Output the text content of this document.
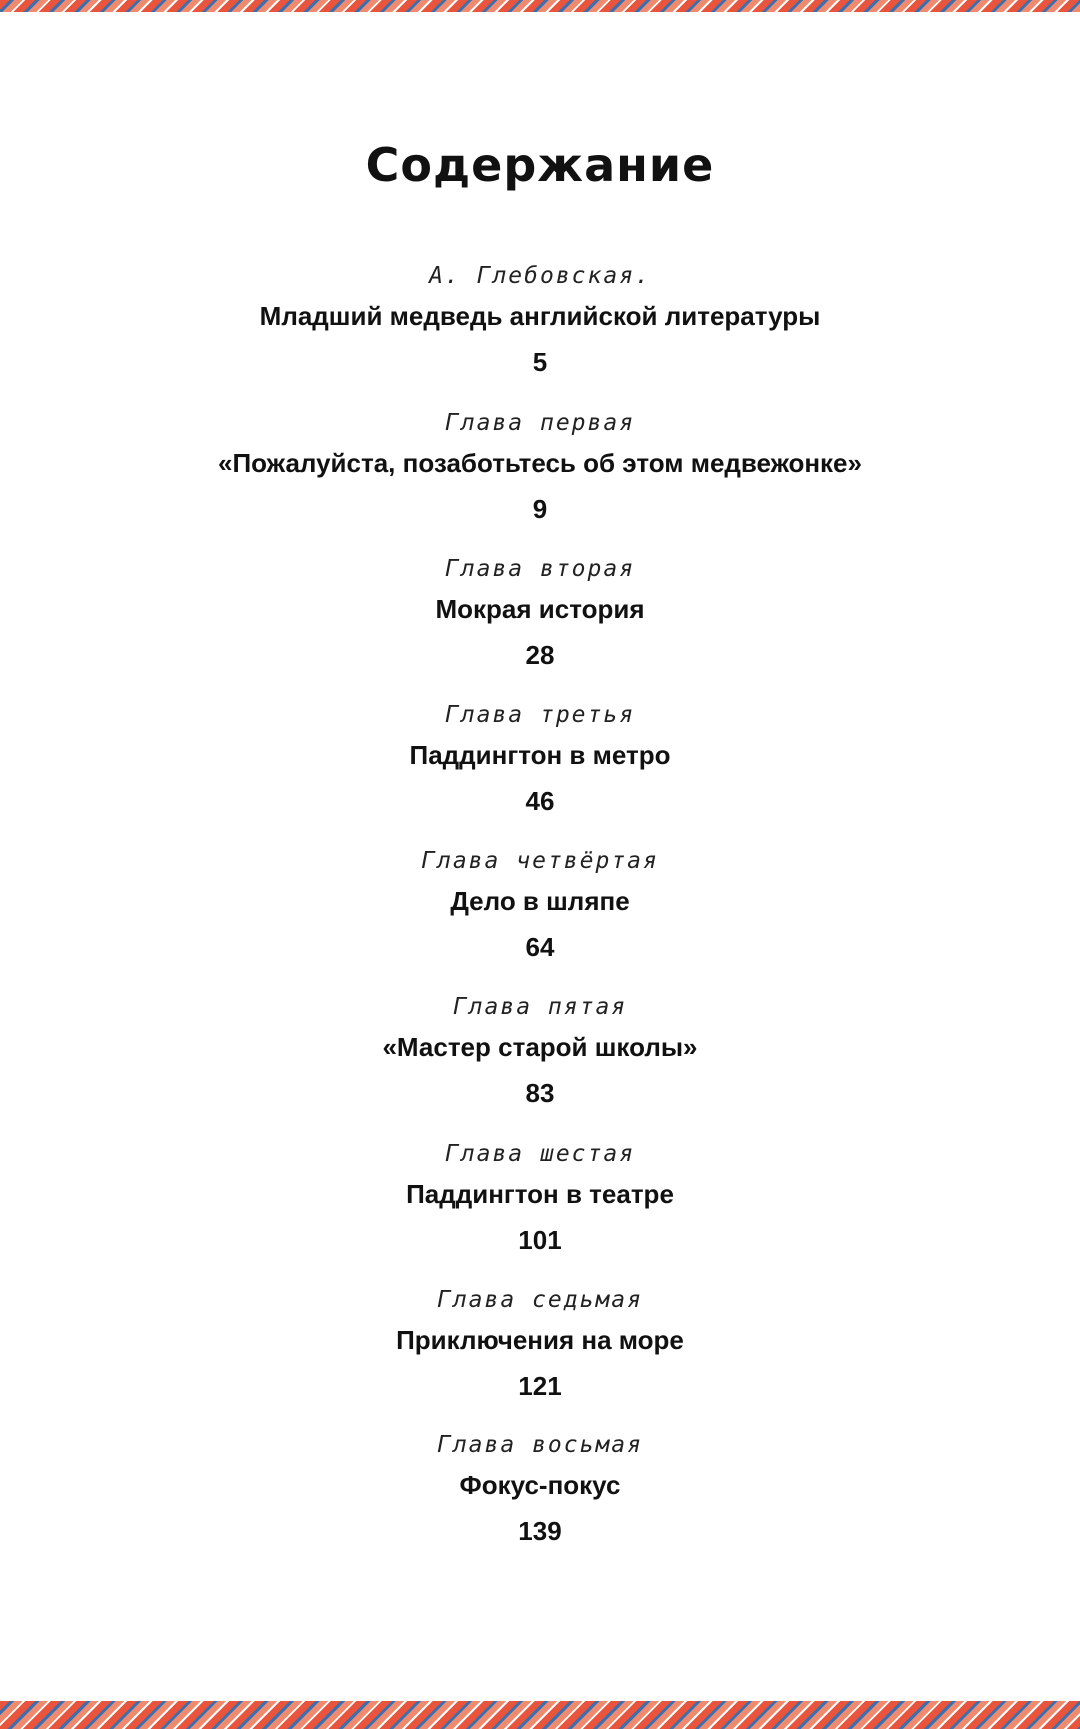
Содержание
А. Глебовская.
Младший медведь английской литературы
5
Глава первая
«Пожалуйста, позаботьтесь об этом медвежонке»
9
Глава вторая
Мокрая история
28
Глава третья
Паддингтон в метро
46
Глава четвёртая
Дело в шляпе
64
Глава пятая
«Мастер старой школы»
83
Глава шестая
Паддингтон в театре
101
Глава седьмая
Приключения на море
121
Глава восьмая
Фокус-покус
139
